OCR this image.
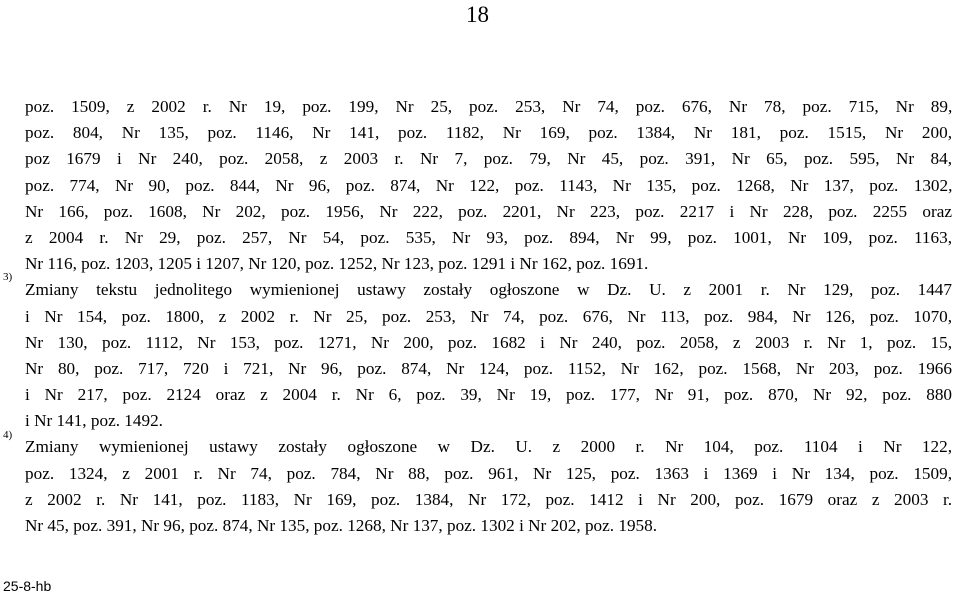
18
poz. 1509, z 2002 r. Nr 19, poz. 199, Nr 25, poz. 253, Nr 74, poz. 676, Nr 78, poz. 715, Nr 89,
poz. 804, Nr 135, poz. 1146, Nr 141, poz. 1182, Nr 169, poz. 1384, Nr 181, poz. 1515, Nr 200,
poz 1679 i Nr 240, poz. 2058, z 2003 r. Nr 7, poz. 79, Nr 45, poz. 391, Nr 65, poz. 595, Nr 84,
poz. 774, Nr 90, poz. 844, Nr 96, poz. 874, Nr 122, poz. 1143, Nr 135, poz. 1268, Nr 137, poz. 1302,
Nr 166, poz. 1608, Nr 202, poz. 1956, Nr 222, poz. 2201, Nr 223, poz. 2217 i Nr 228, poz. 2255 oraz
z 2004 r. Nr 29, poz. 257, Nr 54, poz. 535, Nr 93, poz. 894, Nr 99, poz. 1001, Nr 109, poz. 1163,
Nr 116, poz. 1203, 1205 i 1207, Nr 120, poz. 1252, Nr 123, poz. 1291 i Nr 162, poz. 1691.
Zmiany tekstu jednolitego wymienionej ustawy zostały ogłoszone w Dz. U. z 2001 r. Nr 129, poz. 1447
i Nr 154, poz. 1800, z 2002 r. Nr 25, poz. 253, Nr 74, poz. 676, Nr 113, poz. 984, Nr 126, poz. 1070,
Nr 130, poz. 1112, Nr 153, poz. 1271, Nr 200, poz. 1682 i Nr 240, poz. 2058, z 2003 r. Nr 1, poz. 15,
Nr 80, poz. 717, 720 i 721, Nr 96, poz. 874, Nr 124, poz. 1152, Nr 162, poz. 1568, Nr 203, poz. 1966
i Nr 217, poz. 2124 oraz z 2004 r. Nr 6, poz. 39, Nr 19, poz. 177, Nr 91, poz. 870, Nr 92, poz. 880
i Nr 141, poz. 1492.
Zmiany wymienionej ustawy zostały ogłoszone w Dz. U. z 2000 r. Nr 104, poz. 1104 i Nr 122,
poz. 1324, z 2001 r. Nr 74, poz. 784, Nr 88, poz. 961, Nr 125, poz. 1363 i 1369 i Nr 134, poz. 1509,
z 2002 r. Nr 141, poz. 1183, Nr 169, poz. 1384, Nr 172, poz. 1412 i Nr 200, poz. 1679 oraz z 2003 r.
Nr 45, poz. 391, Nr 96, poz. 874, Nr 135, poz. 1268, Nr 137, poz. 1302 i Nr 202, poz. 1958.
3)
4)
25-8-hb
